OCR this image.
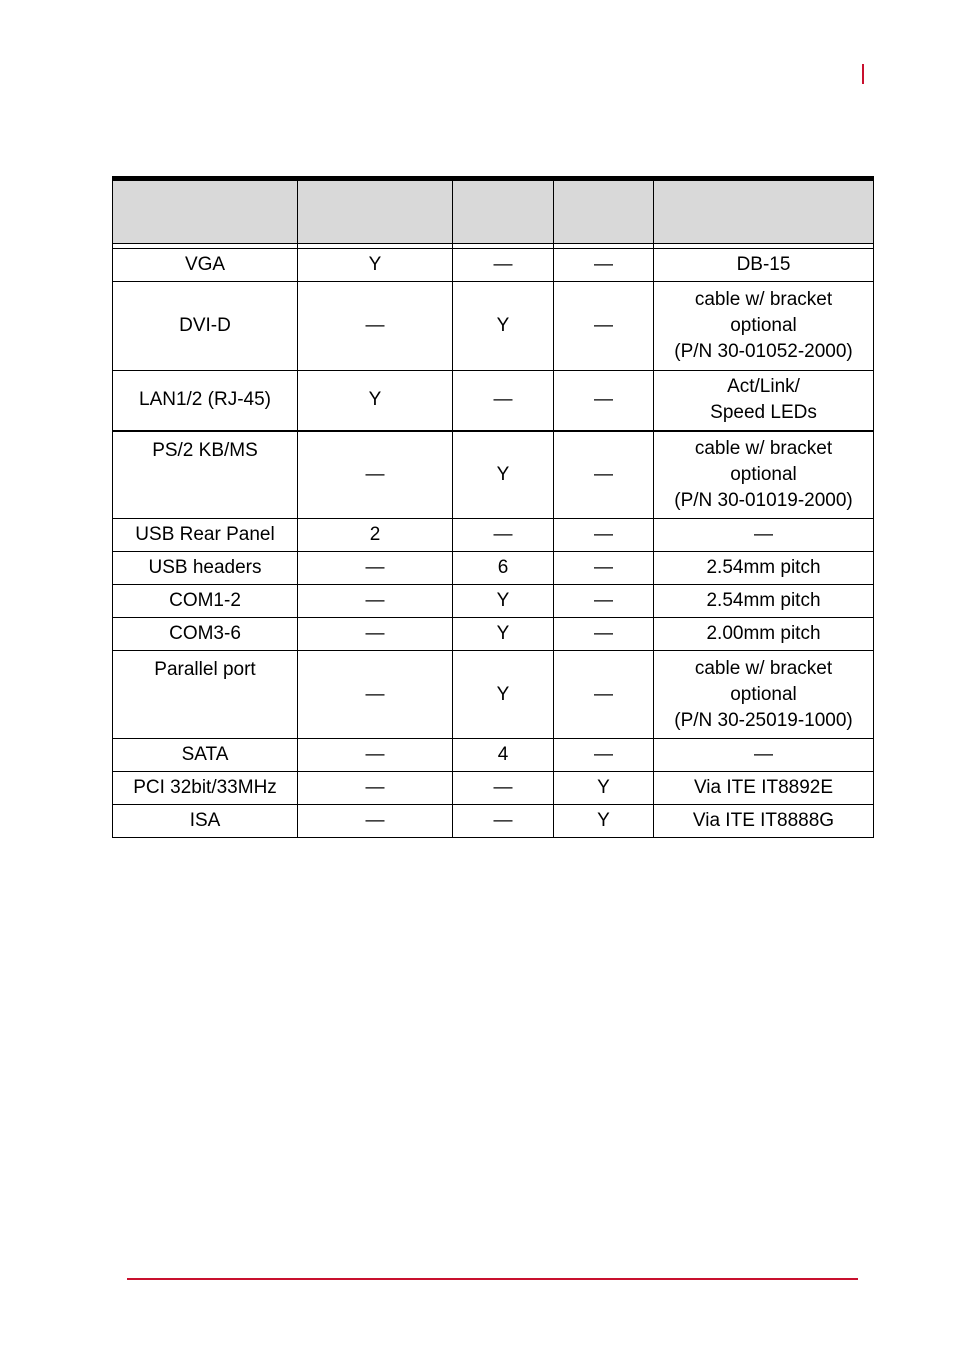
VGA	Y	—	—	DB-15

DVI-D	—	Y	—	cable w/ bracket
optional
(P/N 30-01052-2000)

LAN1/2 (RJ-45)	Y	—	—	Act/Link/
Speed LEDs

PS/2 KB/MS	—	Y	—	cable w/ bracket
optional
(P/N 30-01019-2000)

USB Rear Panel	2	—	—	—

USB headers	—	6	—	2.54mm pitch

COM1-2	—	Y	—	2.54mm pitch

COM3-6	—	Y	—	2.00mm pitch

Parallel port	—	Y	—	cable w/ bracket
optional
(P/N 30-25019-1000)

SATA	—	4	—	—

PCI 32bit/33MHz	—	—	Y	Via ITE IT8892E

ISA	—	—	Y	Via ITE IT8888G
